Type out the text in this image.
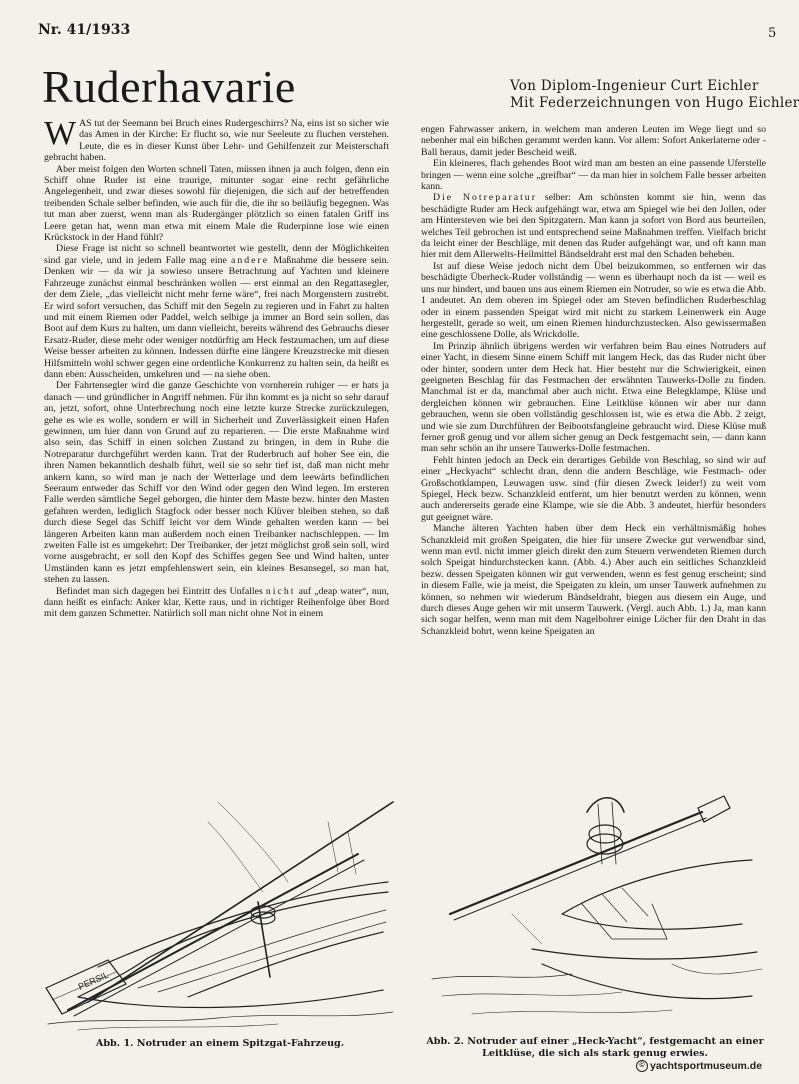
Nr. 41/1933	5
Ruderhavarie	Von Diplom-Ingenieur Curt Eichler
Mit Federzeichnungen von Hugo Eichler

WAS tut der Seemann bei Bruch eines Rudergeschirrs? Na, eins ist so sicher wie das Amen in der Kirche: Er flucht so, wie nur Seeleute zu fluchen verstehen. Leute, die es in dieser Kunst über Lehr- und Gehilfenzeit zur Meisterschaft gebracht haben.

Aber meist folgen den Worten schnell Taten, müssen ihnen ja auch folgen, denn ein Schiff ohne Ruder ist eine traurige, mitunter sogar eine recht gefährliche Angelegenheit, und zwar dieses sowohl für diejenigen, die sich auf der betreffenden treibenden Schale selber befinden, wie auch für die, die ihr so beiläufig begegnen. Was tut man aber zuerst, wenn man als Rudergänger plötzlich so einen fatalen Griff ins Leere getan hat, wenn man etwa mit einem Male die Ruderpinne lose wie einen Krückstock in der Hand fühlt?

Diese Frage ist nicht so schnell beantwortet wie gestellt, denn der Möglichkeiten sind gar viele, und in jedem Falle mag eine andere Maßnahme die bessere sein. Denken wir — da wir ja sowieso unsere Betrachtung auf Yachten und kleinere Fahrzeuge zunächst einmal beschränken wollen — erst einmal an den Regattasegler, der dem Ziele, „das vielleicht nicht mehr ferne wäre“, frei nach Morgenstern zustrebt. Er wird sofort versuchen, das Schiff mit den Segeln zu regieren und in Fahrt zu halten und mit einem Riemen oder Paddel, welch selbige ja immer an Bord sein sollen, das Boot auf dem Kurs zu halten, um dann vielleicht, bereits während des Gebrauchs dieser Ersatz-Ruder, diese mehr oder weniger notdürftig am Heck festzumachen, um auf diese Weise besser arbeiten zu können. Indessen dürfte eine längere Kreuzstrecke mit diesen Hilfsmitteln wohl schwer gegen eine ordentliche Konkurrenz zu halten sein, da heißt es dann eben: Ausscheiden, umkehren und — na siehe oben.

Der Fahrtensegler wird die ganze Geschichte von vornherein ruhiger — er hats ja danach — und gründlicher in Angriff nehmen. Für ihn kommt es ja nicht so sehr darauf an, jetzt, sofort, ohne Unterbrechung noch eine letzte kurze Strecke zurückzulegen, gehe es wie es wolle, sondern er will in Sicherheit und Zuverlässigkeit einen Hafen gewinnen, um hier dann von Grund auf zu reparieren. — Die erste Maßnahme wird also sein, das Schiff in einen solchen Zustand zu bringen, in dem in Ruhe die Notreparatur durchgeführt werden kann. Trat der Ruderbruch auf hoher See ein, die ihren Namen bekanntlich deshalb führt, weil sie so sehr tief ist, daß man nicht mehr ankern kann, so wird man je nach der Wetterlage und dem leewärts befindlichen Seeraum entweder das Schiff vor den Wind oder gegen den Wind legen. Im ersteren Falle werden sämtliche Segel geborgen, die hinter dem Maste bezw. hinter den Masten gefahren werden, lediglich Stagfock oder besser noch Klüver bleiben stehen, so daß durch diese Segel das Schiff leicht vor dem Winde gehalten werden kann — bei längeren Arbeiten kann man außerdem noch einen Treibanker nachschleppen. — Im zweiten Falle ist es umgekehrt: Der Treibanker, der jetzt möglichst groß sein soll, wird vorne ausgebracht, er soll den Kopf des Schiffes gegen See und Wind halten, unter Umständen kann es jetzt empfehlenswert sein, ein kleines Besansegel, so man hat, stehen zu lassen.

Befindet man sich dagegen bei Eintritt des Unfalles nicht auf „deap water“, nun, dann heißt es einfach: Anker klar, Kette raus, und in richtiger Reihenfolge über Bord mit dem ganzen Schmetter. Natürlich soll man nicht ohne Not in einem

engen Fahrwasser ankern, in welchem man anderen Leuten im Wege liegt und so nebenher mal ein bißchen gerammt werden kann. Vor allem: Sofort Ankerlaterne oder -Ball heraus, damit jeder Bescheid weiß.

Ein kleineres, flach gehendes Boot wird man am besten an eine passende Uferstelle bringen — wenn eine solche „greifbar“ — da man hier in solchem Falle besser arbeiten kann.

Die Notreparatur selber: Am schönsten kommt sie hin, wenn das beschädigte Ruder am Heck aufgehängt war, etwa am Spiegel wie bei den Jollen, oder am Hintersteven wie bei den Spitzgatern. Man kann ja sofort von Bord aus beurteilen, welches Teil gebrochen ist und entsprechend seine Maßnahmen treffen. Vielfach bricht da leicht einer der Beschläge, mit denen das Ruder aufgehängt war, und oft kann man hier mit dem Allerwelts-Heilmittel Bändseldraht erst mal den Schaden beheben.

Ist auf diese Weise jedoch nicht dem Übel beizukommen, so entfernen wir das beschädigte Überheck-Ruder vollständig — wenn es überhaupt noch da ist — weil es uns nur hindert, und bauen uns aus einem Riemen ein Notruder, so wie es etwa die Abb. 1 andeutet. An dem oberen im Spiegel oder am Steven befindlichen Ruderbeschlag oder in einem passenden Speigat wird mit nicht zu starkem Leinenwerk ein Auge hergestellt, gerade so weit, um einen Riemen hindurchzustecken. Also gewissermaßen eine geschlossene Dolle, als Wrickdolle.

Im Prinzip ähnlich übrigens werden wir verfahren beim Bau eines Notruders auf einer Yacht, in diesem Sinne einem Schiff mit langem Heck, das das Ruder nicht über oder hinter, sondern unter dem Heck hat. Hier besteht nur die Schwierigkeit, einen geeigneten Beschlag für das Festmachen der erwähnten Tauwerks-Dolle zu finden. Manchmal ist er da, manchmal aber auch nicht. Etwa eine Belegklampe, Klüse und dergleichen können wir gebrauchen. Eine Leitklüse können wir aber nur dann gebrauchen, wenn sie oben vollständig geschlossen ist, wie es etwa die Abb. 2 zeigt, und wie sie zum Durchführen der Beibootsfangleine gebraucht wird. Diese Klüse muß ferner groß genug und vor allem sicher genug an Deck festgemacht sein, — dann kann man sehr schön an ihr unsere Tauwerks-Dolle festmachen.

Fehlt hinten jedoch an Deck ein derartiges Gebilde von Beschlag, so sind wir auf einer „Heckyacht“ schlecht dran, denn die andern Beschläge, wie Festmach- oder Großschotklampen, Leuwagen usw. sind (für diesen Zweck leider!) zu weit vom Spiegel, Heck bezw. Schanzkleid entfernt, um hier benutzt werden zu können, wenn auch andererseits gerade eine Klampe, wie sie die Abb. 3 andeutet, hierfür besonders gut geeignet wäre.

Manche älteren Yachten haben über dem Heck ein verhältnismäßig hohes Schanzkleid mit großen Speigaten, die hier für unsere Zwecke gut verwendbar sind, wenn man evtl. nicht immer gleich direkt den zum Steuern verwendeten Riemen durch solch Speigat hindurchstecken kann. (Abb. 4.) Aber auch ein seitliches Schanzkleid bezw. dessen Speigaten können wir gut verwenden, wenn es fest genug erscheint; sind in diesem Falle, wie ja meist, die Speigaten zu klein, um unser Tauwerk aufnehmen zu können, so nehmen wir wiederum Bändseldraht, biegen aus diesem ein Auge, und durch dieses Auge gehen wir mit unserm Tauwerk. (Vergl. auch Abb. 1.) Ja, man kann sich sogar helfen, wenn man mit dem Nagelbohrer einige Löcher für den Draht in das Schanzkleid bohrt, wenn keine Speigaten an

PERSIL
Abb. 1. Notruder an einem Spitzgat-Fahrzeug.	Abb. 2. Notruder auf einer „Heck-Yacht“, festgemacht an einer
Leitklüse, die sich als stark genug erwies.
© yachtsportmuseum.de
